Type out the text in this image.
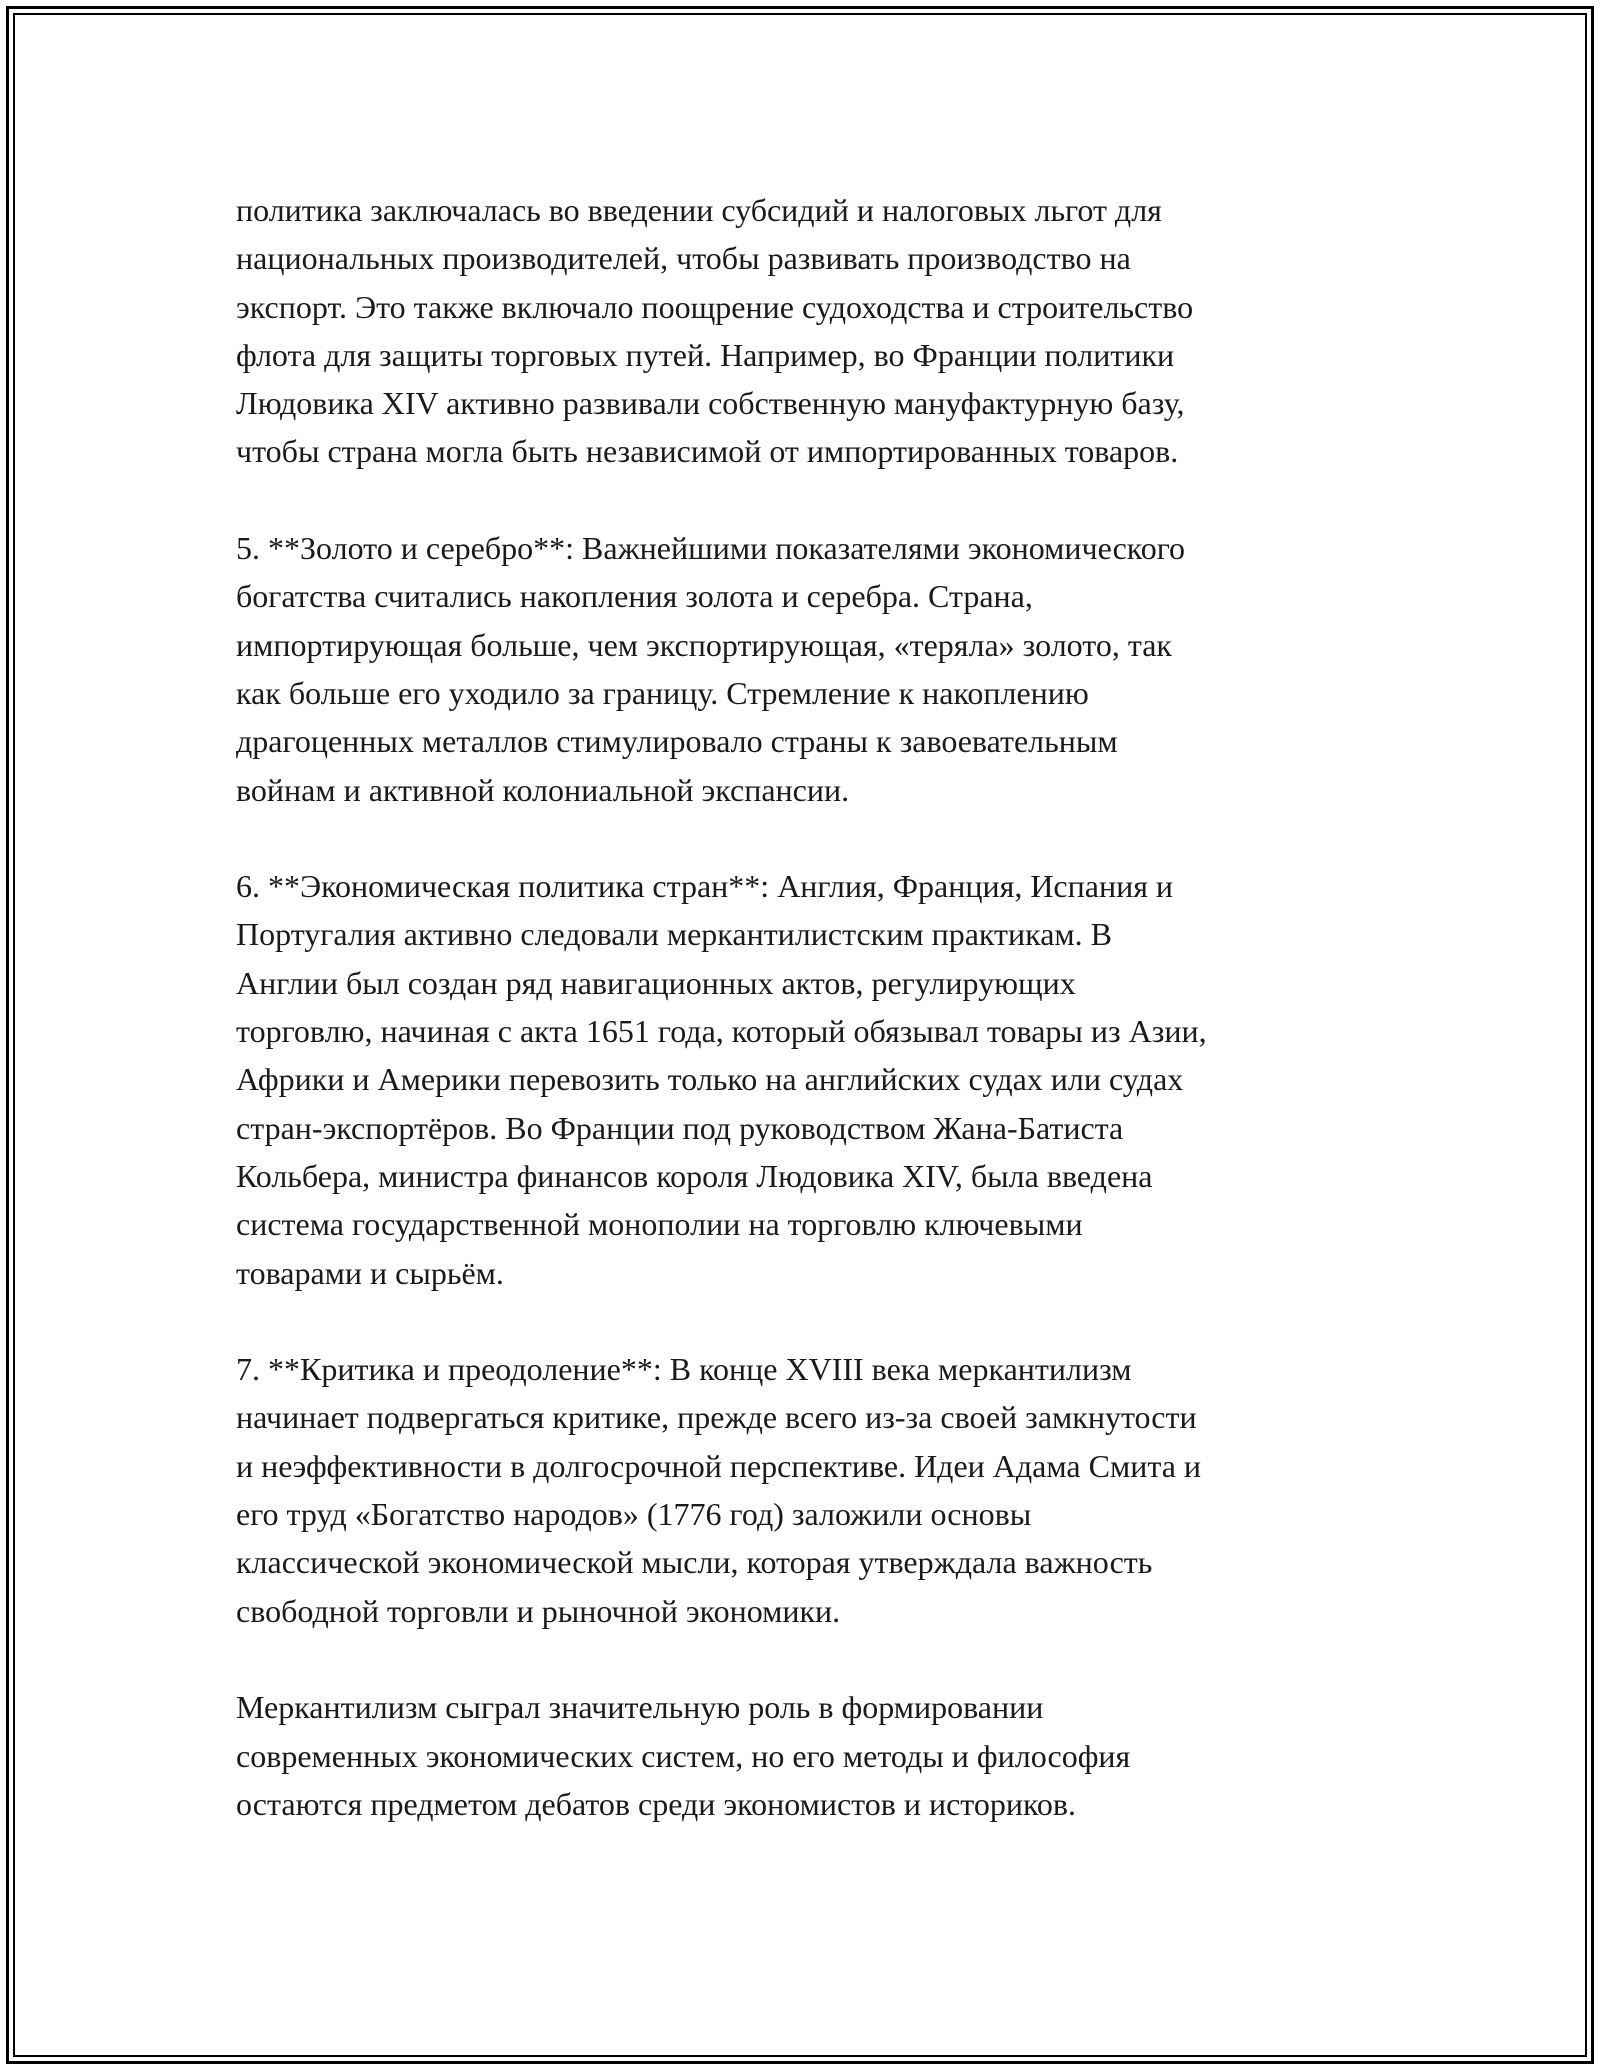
политика заключалась во введении субсидий и налоговых льгот для
национальных производителей, чтобы развивать производство на
экспорт. Это также включало поощрение судоходства и строительство
флота для защиты торговых путей. Например, во Франции политики
Людовика XIV активно развивали собственную мануфактурную базу,
чтобы страна могла быть независимой от импортированных товаров.

5. **Золото и серебро**: Важнейшими показателями экономического
богатства считались накопления золота и серебра. Страна,
импортирующая больше, чем экспортирующая, «теряла» золото, так
как больше его уходило за границу. Стремление к накоплению
драгоценных металлов стимулировало страны к завоевательным
войнам и активной колониальной экспансии.

6. **Экономическая политика стран**: Англия, Франция, Испания и
Португалия активно следовали меркантилистским практикам. В
Англии был создан ряд навигационных актов, регулирующих
торговлю, начиная с акта 1651 года, который обязывал товары из Азии,
Африки и Америки перевозить только на английских судах или судах
стран-экспортёров. Во Франции под руководством Жана-Батиста
Кольбера, министра финансов короля Людовика XIV, была введена
система государственной монополии на торговлю ключевыми
товарами и сырьём.

7. **Критика и преодоление**: В конце XVIII века меркантилизм
начинает подвергаться критике, прежде всего из-за своей замкнутости
и неэффективности в долгосрочной перспективе. Идеи Адама Смита и
его труд «Богатство народов» (1776 год) заложили основы
классической экономической мысли, которая утверждала важность
свободной торговли и рыночной экономики.

Меркантилизм сыграл значительную роль в формировании
современных экономических систем, но его методы и философия
остаются предметом дебатов среди экономистов и историков.
